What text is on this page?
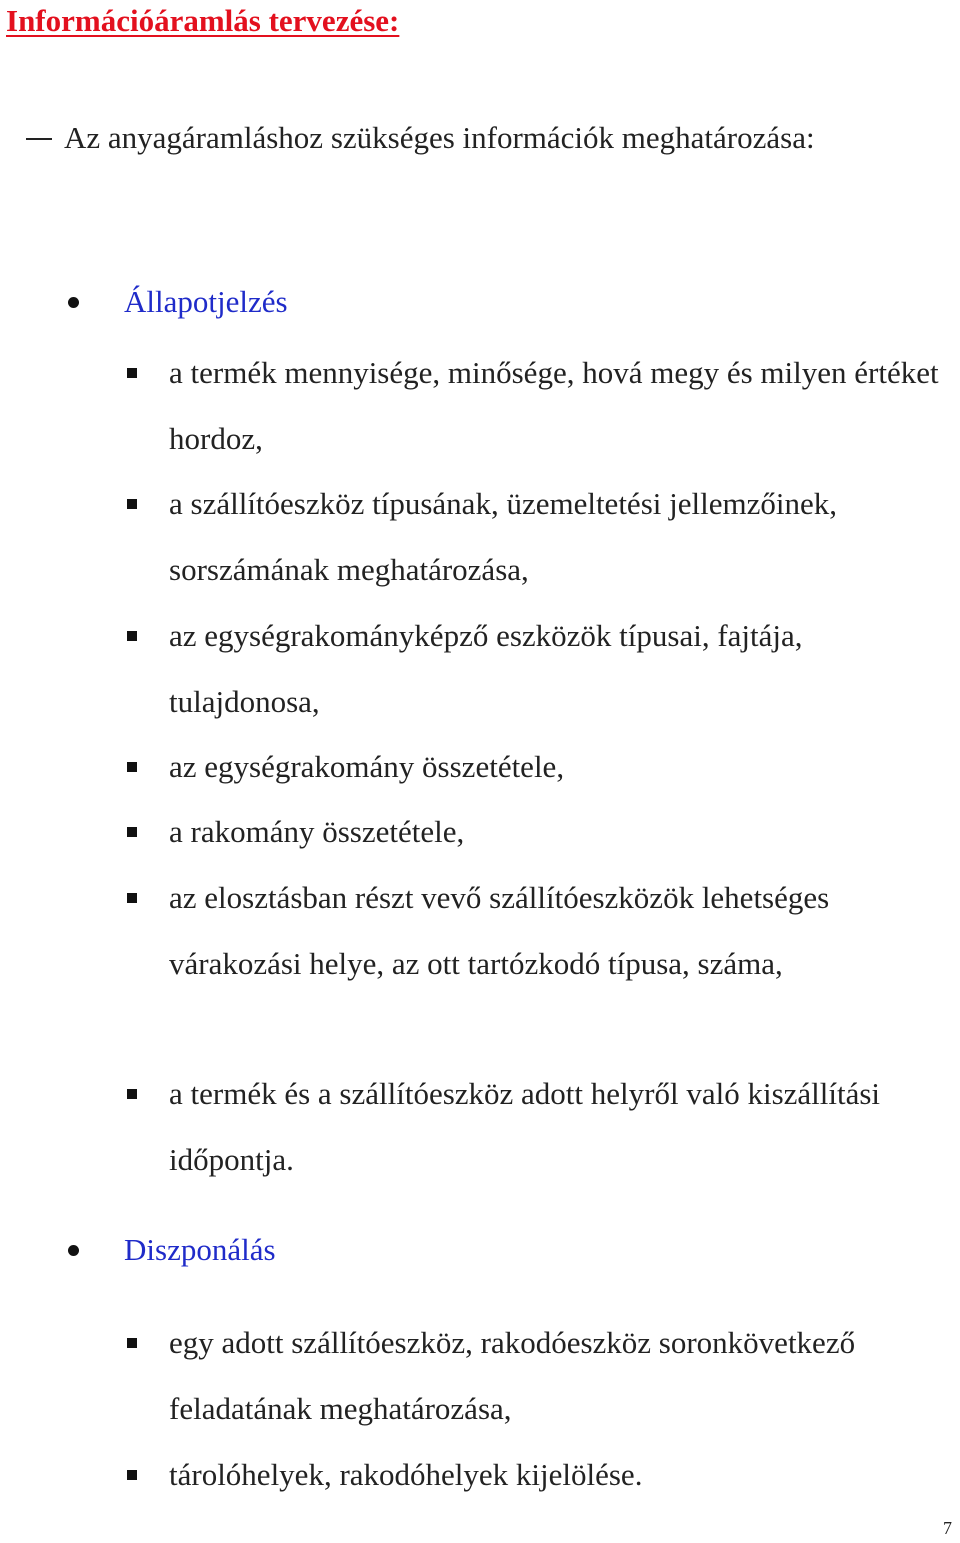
Információáramlás tervezése:
Az anyagáramláshoz szükséges információk meghatározása:
Állapotjelzés
a termék mennyisége, minősége, hová megy és milyen értéket hordoz,
a szállítóeszköz típusának, üzemeltetési jellemzőinek, sorszámának meghatározása,
az egységrakományképző eszközök típusai, fajtája, tulajdonosa,
az egységrakomány összetétele,
a rakomány összetétele,
az elosztásban részt vevő szállítóeszközök lehetséges várakozási helye, az ott tartózkodó típusa, száma,
a termék és a szállítóeszköz adott helyről való kiszállítási időpontja.
Diszponálás
egy adott szállítóeszköz, rakodóeszköz soronkövetkező feladatának meghatározása,
tárolóhelyek, rakodóhelyek kijelölése.
7
